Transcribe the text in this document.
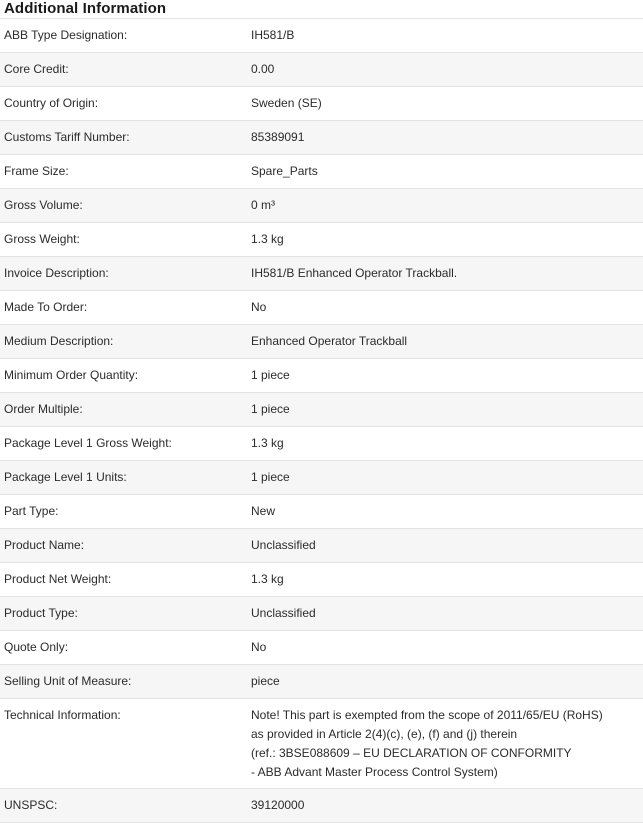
Additional Information
ABB Type Designation:	IH581/B
Core Credit:	0.00
Country of Origin:	Sweden (SE)
Customs Tariff Number:	85389091
Frame Size:	Spare_Parts
Gross Volume:	0 m³
Gross Weight:	1.3 kg
Invoice Description:	IH581/B Enhanced Operator Trackball.
Made To Order:	No
Medium Description:	Enhanced Operator Trackball
Minimum Order Quantity:	1 piece
Order Multiple:	1 piece
Package Level 1 Gross Weight:	1.3 kg
Package Level 1 Units:	1 piece
Part Type:	New
Product Name:	Unclassified
Product Net Weight:	1.3 kg
Product Type:	Unclassified
Quote Only:	No
Selling Unit of Measure:	piece
Technical Information:	Note! This part is exempted from the scope of 2011/65/EU (RoHS)
as provided in Article 2(4)(c), (e), (f) and (j) therein
(ref.: 3BSE088609 – EU DECLARATION OF CONFORMITY
- ABB Advant Master Process Control System)
UNSPSC:	39120000
